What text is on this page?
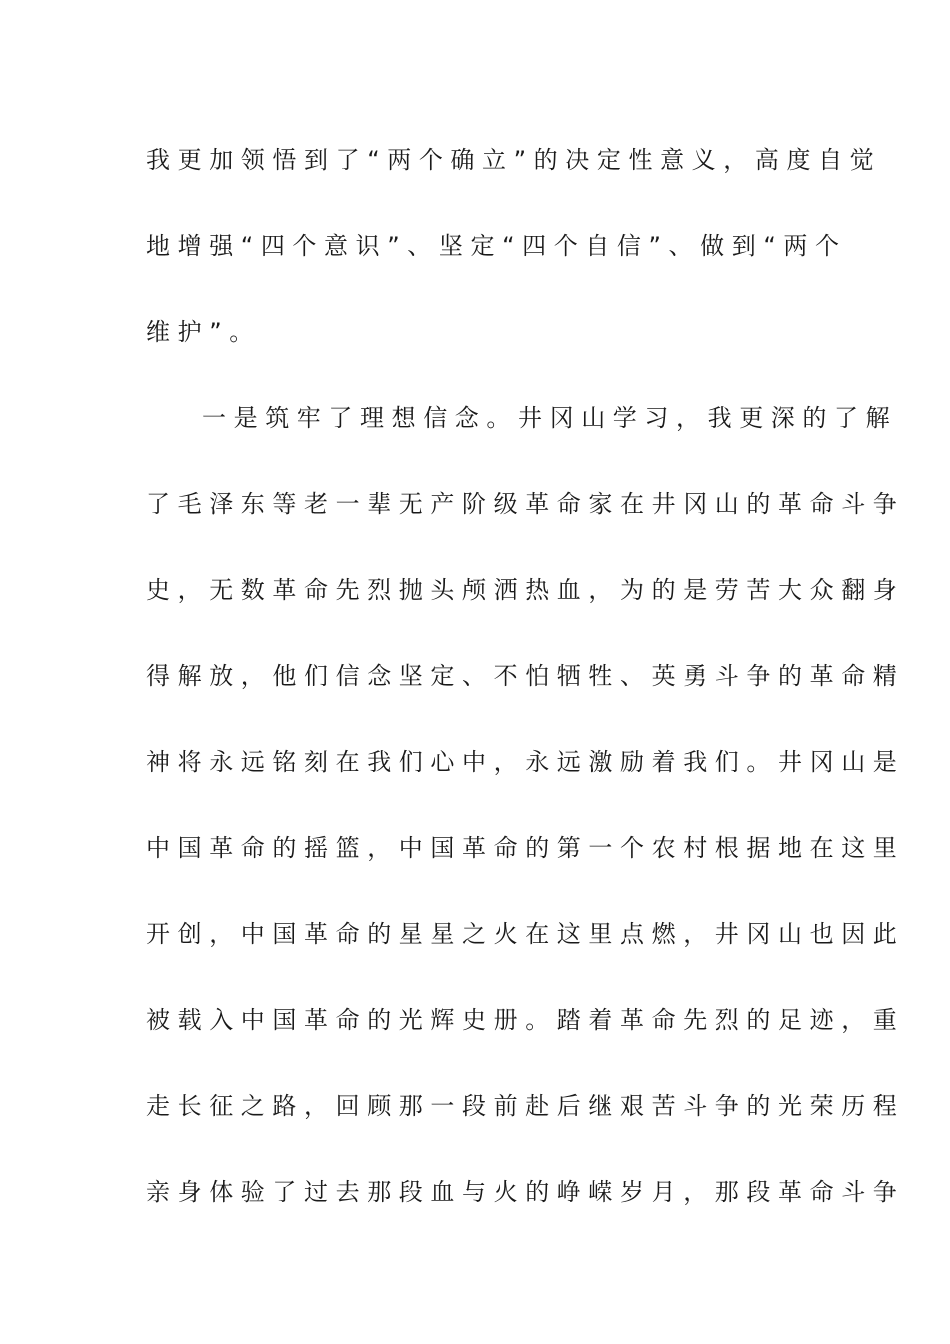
我更加领悟到了“两个确立”的决定性意义，高度自觉
地增强“四个意识”、坚定“四个自信”、做到“两个
维护”。
一是筑牢了理想信念。井冈山学习，我更深的了解
了毛泽东等老一辈无产阶级革命家在井冈山的革命斗争
史，无数革命先烈抛头颅洒热血，为的是劳苦大众翻身
得解放，他们信念坚定、不怕牺牲、英勇斗争的革命精
神将永远铭刻在我们心中，永远激励着我们。井冈山是
中国革命的摇篮，中国革命的第一个农村根据地在这里
开创，中国革命的星星之火在这里点燃，井冈山也因此
被载入中国革命的光辉史册。踏着革命先烈的足迹，重
走长征之路，回顾那一段前赴后继艰苦斗争的光荣历程
亲身体验了过去那段血与火的峥嵘岁月，那段革命斗争
